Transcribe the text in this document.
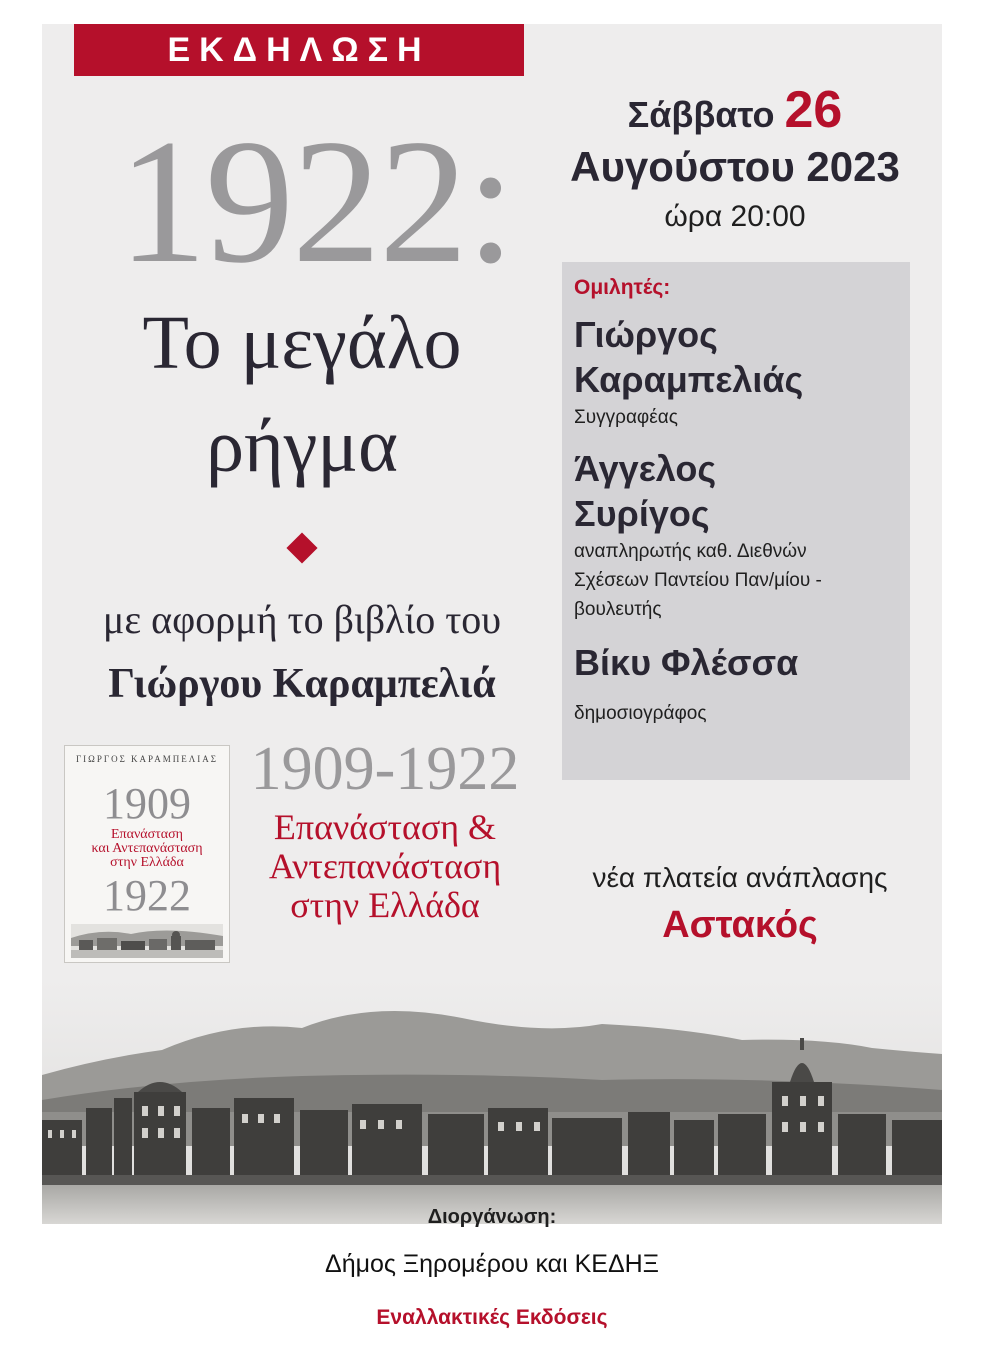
ΕΚΔΗΛΩΣΗ
1922:
Το μεγάλο
ρήγμα
με αφορμή το βιβλίο του
Γιώργου Καραμπελιά
ΓΙΩΡΓΟΣ ΚΑΡΑΜΠΕΛΙΑΣ
1909
Επανάσταση
και Αντεπανάσταση
στην Ελλάδα
1922
1909-1922
Επανάσταση &
Αντεπανάσταση
στην Ελλάδα
Σάββατο 26
Αυγούστου 2023
ώρα 20:00
Ομιλητές:
Γιώργος
Καραμπελιάς
Συγγραφέας
Άγγελος
Συρίγος
αναπληρωτής καθ. Διεθνών
Σχέσεων Παντείου Παν/μίου -
βουλευτής
Βίκυ Φλέσσα
δημοσιογράφος
νέα πλατεία ανάπλασης
Αστακός
Διοργάνωση:
Δήμος Ξηρομέρου και ΚΕΔΗΞ
Εναλλακτικές Εκδόσεις
